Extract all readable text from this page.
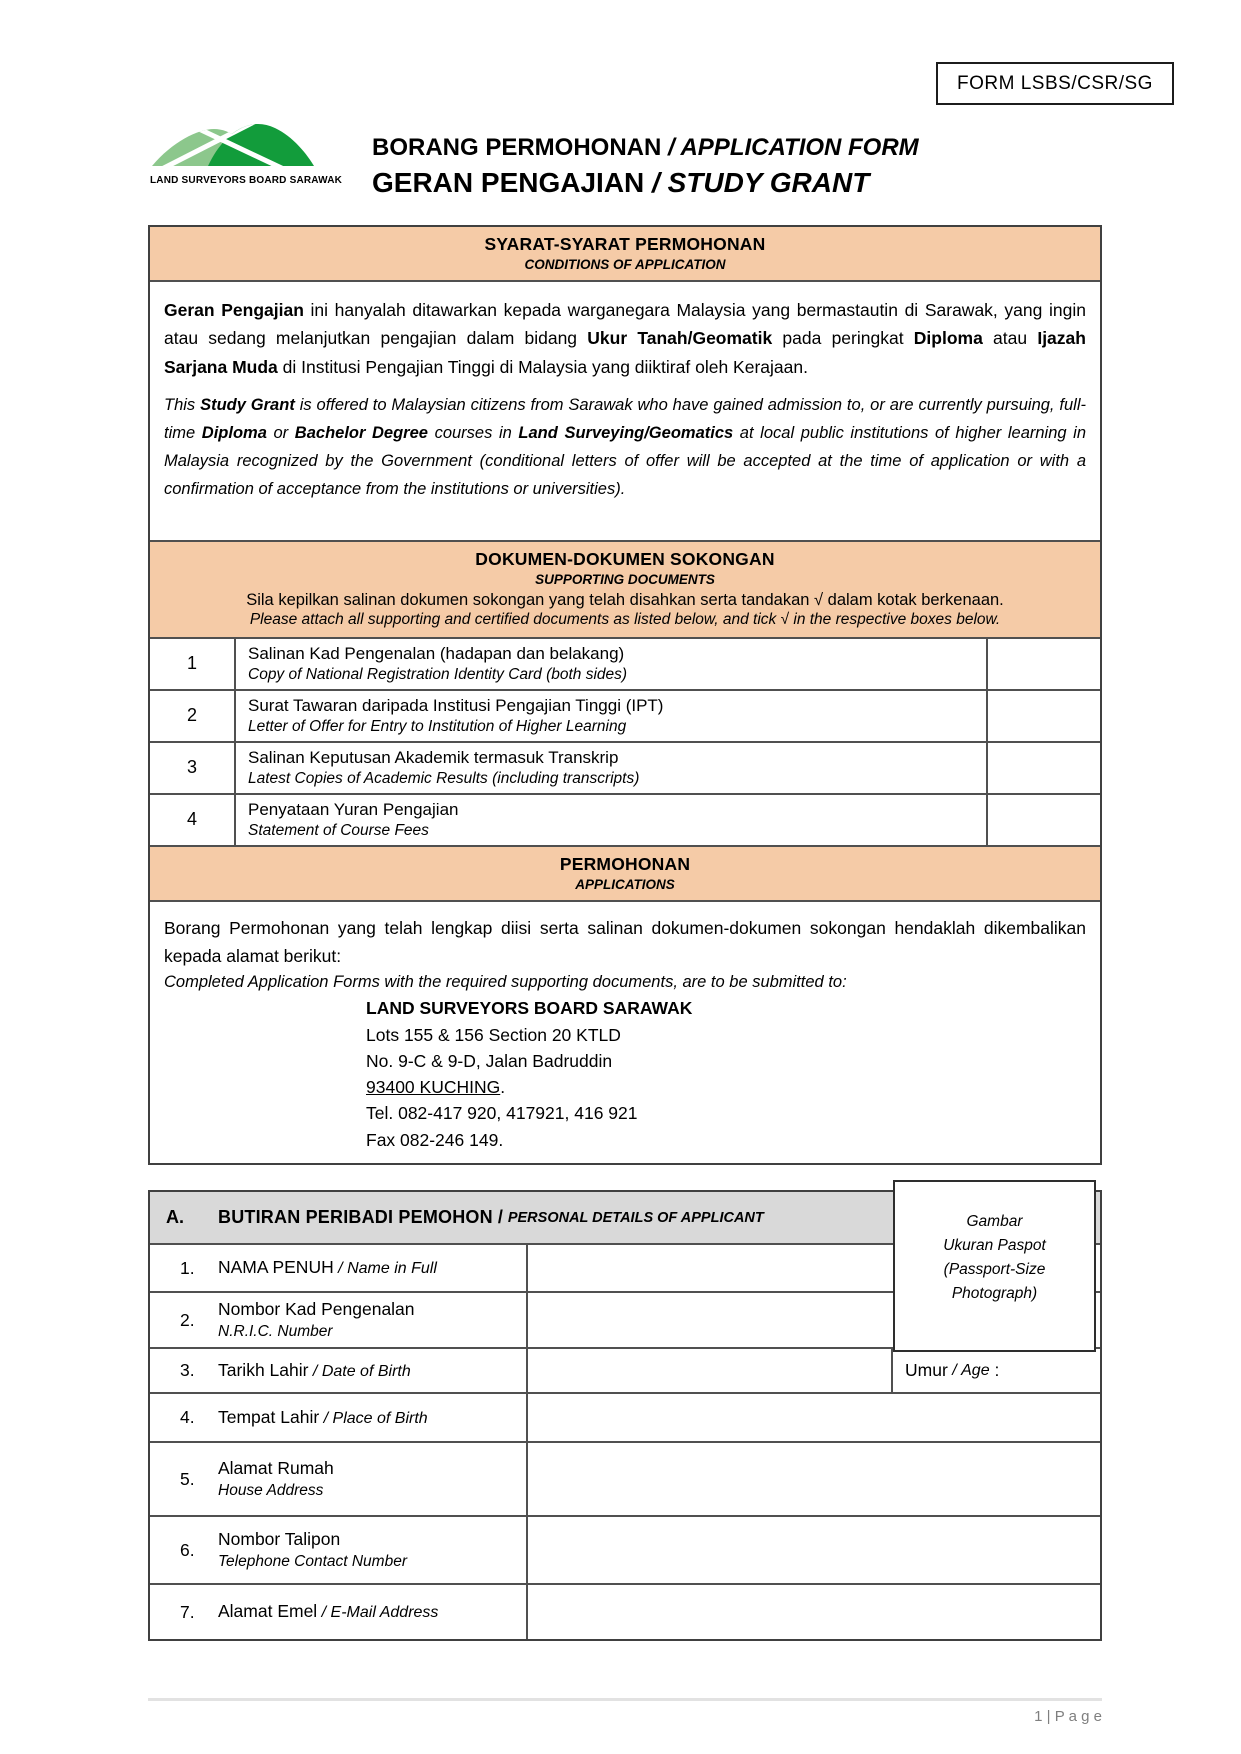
FORM LSBS/CSR/SG
LAND SURVEYORS BOARD SARAWAK
BORANG PERMOHONAN / APPLICATION FORM
GERAN PENGAJIAN / STUDY GRANT
SYARAT-SYARAT PERMOHONAN
CONDITIONS OF APPLICATION

Geran Pengajian ini hanyalah ditawarkan kepada warganegara Malaysia yang bermastautin di Sarawak, yang ingin atau sedang melanjutkan pengajian dalam bidang Ukur Tanah/Geomatik pada peringkat Diploma atau Ijazah Sarjana Muda di Institusi Pengajian Tinggi di Malaysia yang diiktiraf oleh Kerajaan.

This Study Grant is offered to Malaysian citizens from Sarawak who have gained admission to, or are currently pursuing, full-time Diploma or Bachelor Degree courses in Land Surveying/Geomatics at local public institutions of higher learning in Malaysia recognized by the Government (conditional letters of offer will be accepted at the time of application or with a confirmation of acceptance from the institutions or universities).

DOKUMEN-DOKUMEN SOKONGAN
SUPPORTING DOCUMENTS
Sila kepilkan salinan dokumen sokongan yang telah disahkan serta tandakan √ dalam kotak berkenaan.
Please attach all supporting and certified documents as listed below, and tick √ in the respective boxes below.
1	Salinan Kad Pengenalan (hadapan dan belakang)
Copy of National Registration Identity Card (both sides)
2	Surat Tawaran daripada Institusi Pengajian Tinggi (IPT)
Letter of Offer for Entry to Institution of Higher Learning
3	Salinan Keputusan Akademik termasuk Transkrip
Latest Copies of Academic Results (including transcripts)
4	Penyataan Yuran Pengajian
Statement of Course Fees
PERMOHONAN
APPLICATIONS

Borang Permohonan yang telah lengkap diisi serta salinan dokumen-dokumen sokongan hendaklah dikembalikan kepada alamat berikut:

Completed Application Forms with the required supporting documents, are to be submitted to:

LAND SURVEYORS BOARD SARAWAK
Lots 155 & 156 Section 20 KTLD
No. 9-C & 9-D, Jalan Badruddin
93400 KUCHING.
Tel. 082-417 920, 417921, 416 921
Fax 082-246 149.
A.	BUTIRAN PERIBADI PEMOHON / PERSONAL DETAILS OF APPLICANT
1.	NAMA PENUH / Name in Full
2.
Nombor Kad Pengenalan
N.R.I.C. Number
3.	Tarikh Lahir / Date of Birth	Umur / Age :
4.	Tempat Lahir / Place of Birth
5.
Alamat Rumah
House Address
6.
Nombor Talipon
Telephone Contact Number
7.	Alamat Emel / E-Mail Address
Gambar
Ukuran Paspot
(Passport-Size
Photograph)
1 | P a g e
